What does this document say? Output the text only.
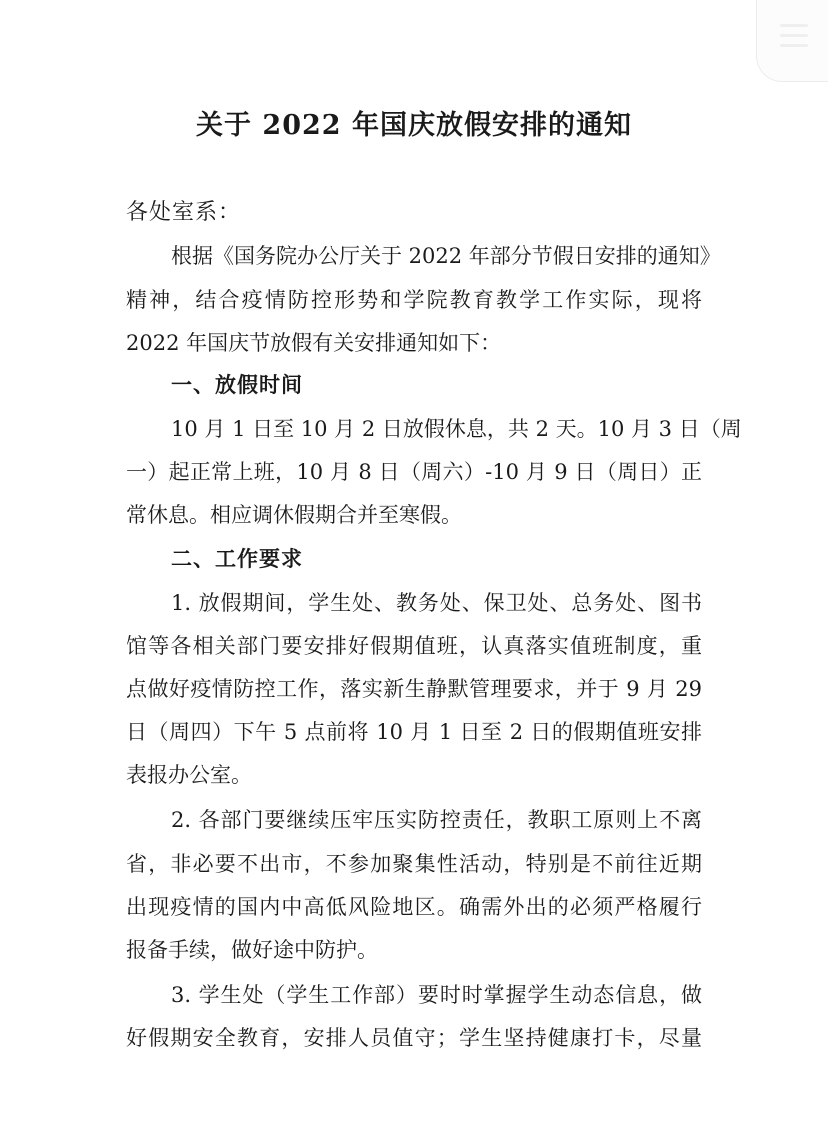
关于 2022 年国庆放假安排的通知

各处室系：

根据《国务院办公厅关于 2022 年部分节假日安排的通知》

精神，结合疫情防控形势和学院教育教学工作实际，现将

2022 年国庆节放假有关安排通知如下：

一、放假时间

10 月 1 日至 10 月 2 日放假休息，共 2 天。10 月 3 日（周

一）起正常上班，10 月 8 日（周六）-10 月 9 日（周日）正

常休息。相应调休假期合并至寒假。

二、工作要求

1. 放假期间，学生处、教务处、保卫处、总务处、图书

馆等各相关部门要安排好假期值班，认真落实值班制度，重

点做好疫情防控工作，落实新生静默管理要求，并于 9 月 29

日（周四）下午 5 点前将 10 月 1 日至 2 日的假期值班安排

表报办公室。

2. 各部门要继续压牢压实防控责任，教职工原则上不离

省，非必要不出市，不参加聚集性活动，特别是不前往近期

出现疫情的国内中高低风险地区。确需外出的必须严格履行

报备手续，做好途中防护。

3. 学生处（学生工作部）要时时掌握学生动态信息，做

好假期安全教育，安排人员值守；学生坚持健康打卡，尽量
